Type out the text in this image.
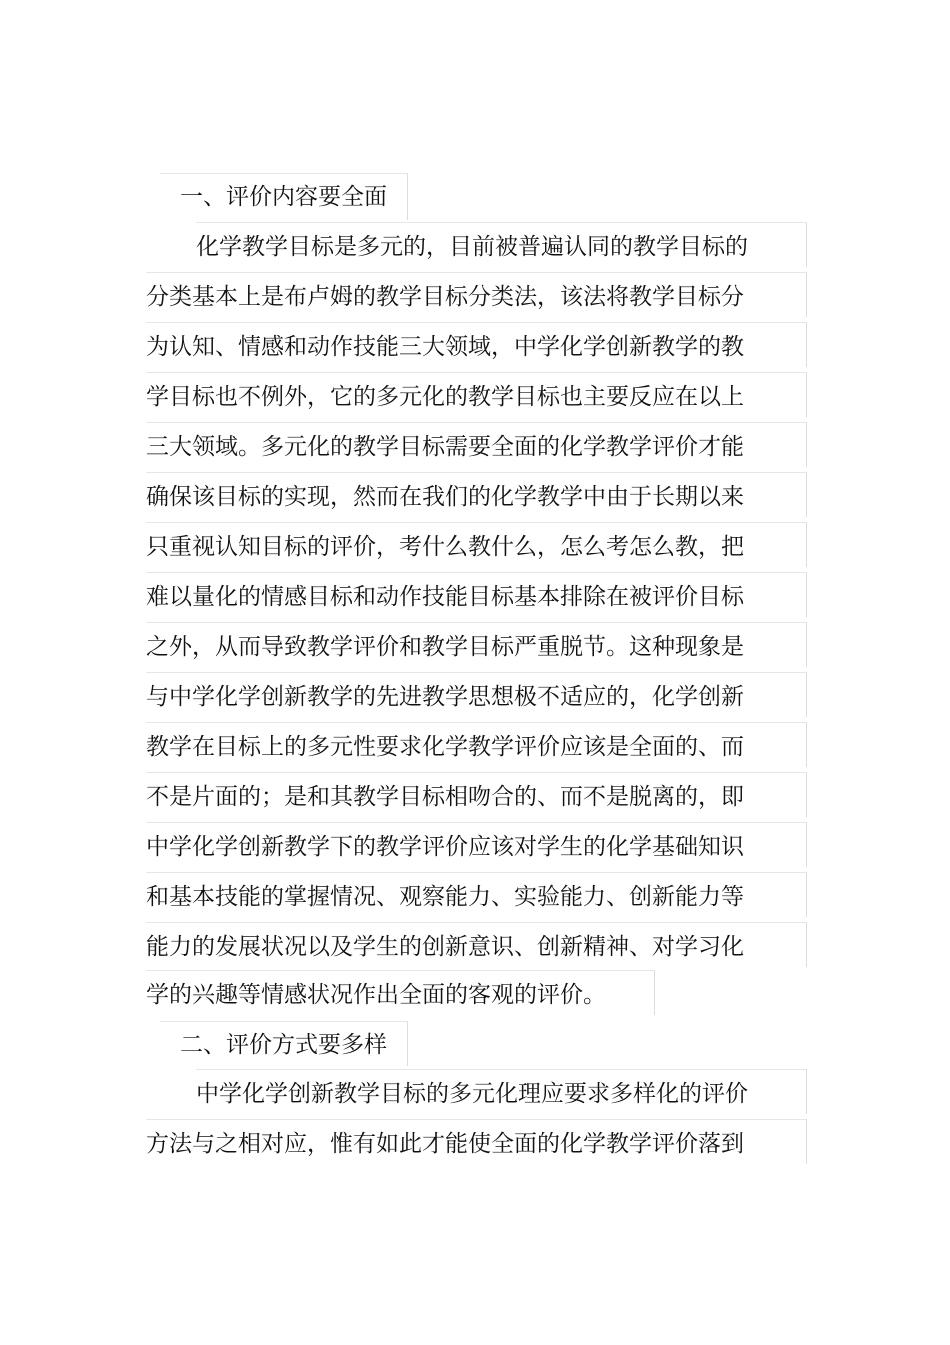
一、评价内容要全面

化学教学目标是多元的，目前被普遍认同的教学目标的

分类基本上是布卢姆的教学目标分类法，该法将教学目标分

为认知、情感和动作技能三大领域，中学化学创新教学的教

学目标也不例外，它的多元化的教学目标也主要反应在以上

三大领域。多元化的教学目标需要全面的化学教学评价才能

确保该目标的实现，然而在我们的化学教学中由于长期以来

只重视认知目标的评价，考什么教什么，怎么考怎么教，把

难以量化的情感目标和动作技能目标基本排除在被评价目标

之外，从而导致教学评价和教学目标严重脱节。这种现象是

与中学化学创新教学的先进教学思想极不适应的，化学创新

教学在目标上的多元性要求化学教学评价应该是全面的、而

不是片面的；是和其教学目标相吻合的、而不是脱离的，即

中学化学创新教学下的教学评价应该对学生的化学基础知识

和基本技能的掌握情况、观察能力、实验能力、创新能力等

能力的发展状况以及学生的创新意识、创新精神、对学习化

学的兴趣等情感状况作出全面的客观的评价。

二、评价方式要多样

中学化学创新教学目标的多元化理应要求多样化的评价

方法与之相对应，惟有如此才能使全面的化学教学评价落到
